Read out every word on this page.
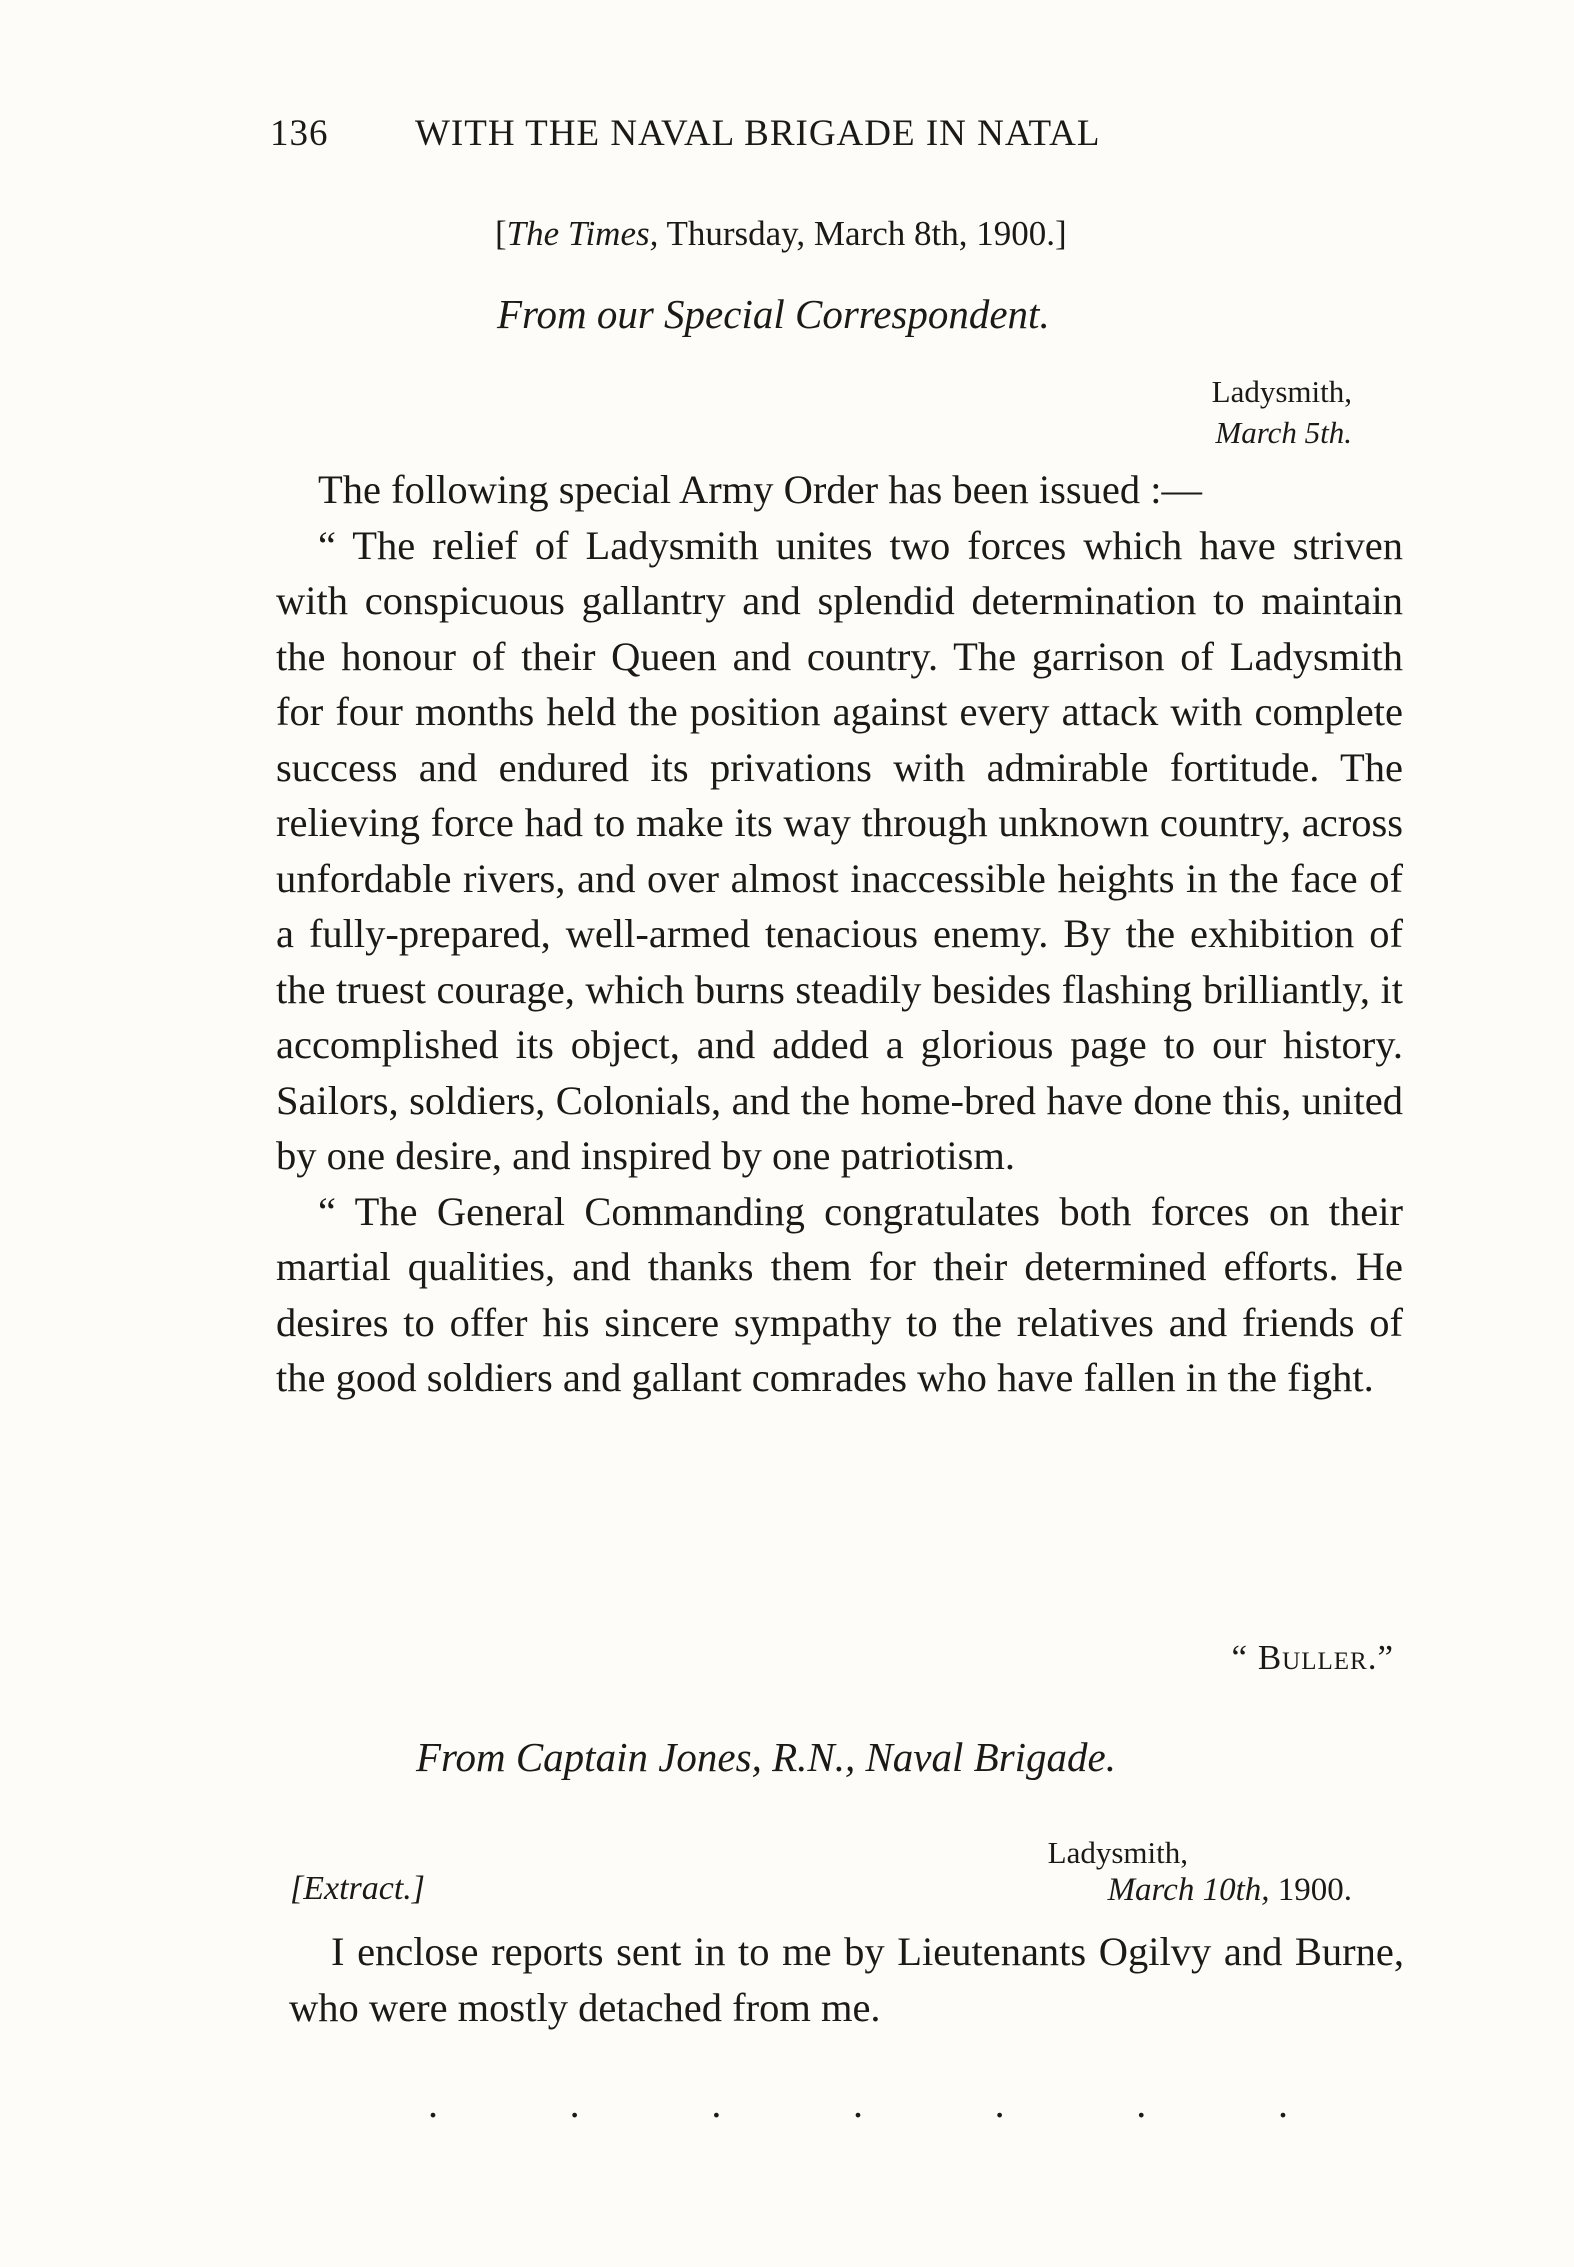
136 WITH THE NAVAL BRIGADE IN NATAL
[The Times, Thursday, March 8th, 1900.]
From our Special Correspondent.
Ladysmith,
March 5th.

The following special Army Order has been issued :—

“ The relief of Ladysmith unites two forces which have striven with conspicuous gallantry and splendid determination to maintain the honour of their Queen and country. The garrison of Ladysmith for four months held the position against every attack with complete success and endured its privations with admirable fortitude. The relieving force had to make its way through unknown country, across unfordable rivers, and over almost inaccessible heights in the face of a fully-prepared, well-armed tenacious enemy. By the exhibition of the truest courage, which burns steadily besides flashing brilliantly, it accomplished its object, and added a glorious page to our history. Sailors, soldiers, Colonials, and the home-bred have done this, united by one desire, and inspired by one patriotism.

“ The General Commanding congratulates both forces on their martial qualities, and thanks them for their determined efforts. He desires to offer his sincere sympathy to the relatives and friends of the good soldiers and gallant comrades who have fallen in the fight.

“ Buller.”
From Captain Jones, R.N., Naval Brigade.
Ladysmith,
[Extract.]	March 10th, 1900.

I enclose reports sent in to me by Lieutenants Ogilvy and Burne, who were mostly detached from me.

.	.	.	.	.	.	.
